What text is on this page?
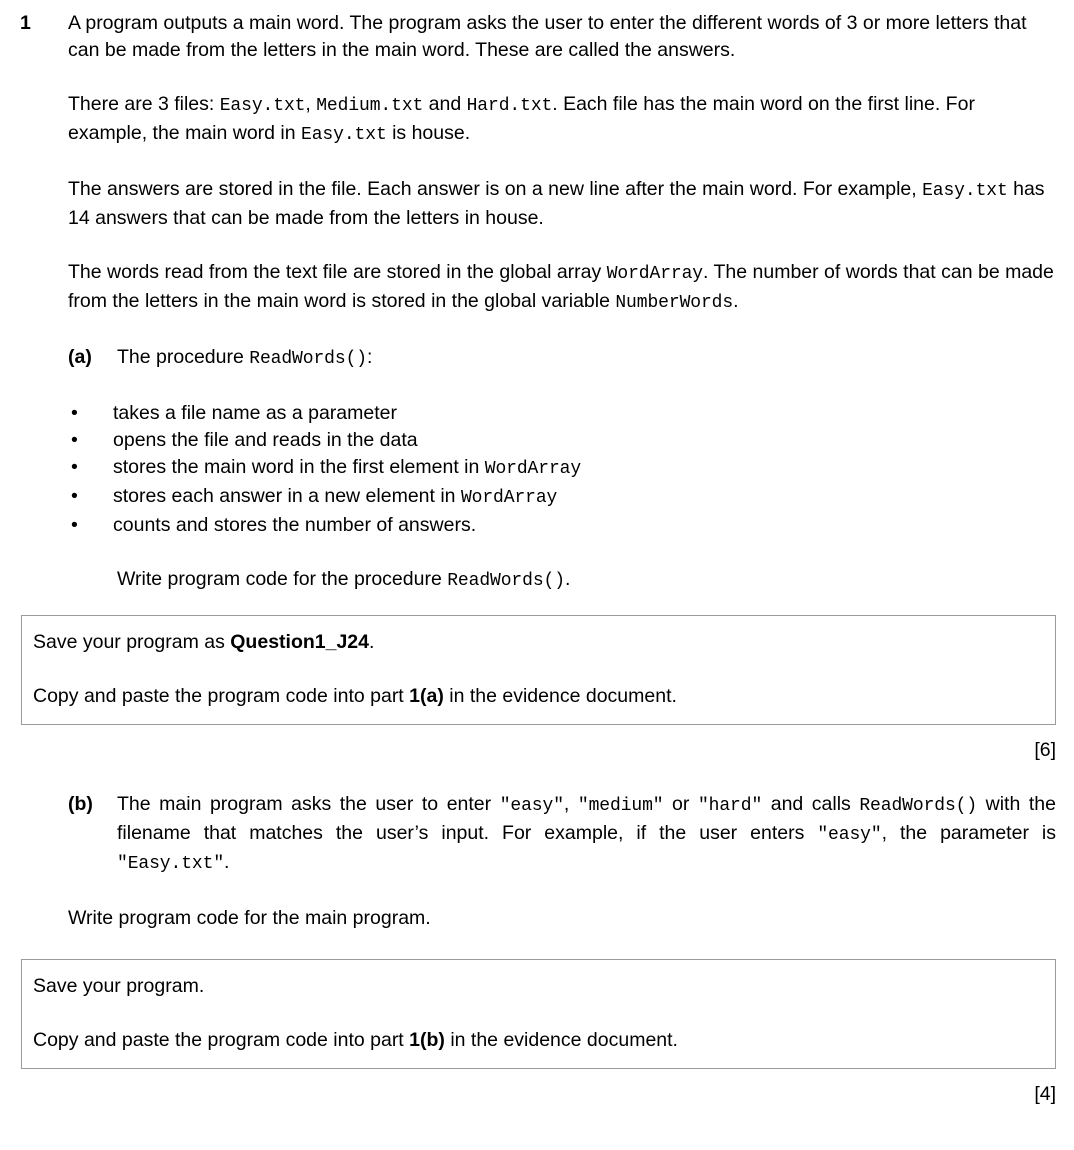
1	A program outputs a main word. The program asks the user to enter the different words of 3 or more letters that can be made from the letters in the main word. These are called the answers.

There are 3 files: Easy.txt, Medium.txt and Hard.txt. Each file has the main word on the first line. For example, the main word in Easy.txt is house.

The answers are stored in the file. Each answer is on a new line after the main word. For example, Easy.txt has 14 answers that can be made from the letters in house.

The words read from the text file are stored in the global array WordArray. The number of words that can be made from the letters in the main word is stored in the global variable NumberWords.

(a)	The procedure ReadWords():
•	takes a file name as a parameter
•	opens the file and reads in the data
•	stores the main word in the first element in WordArray
•	stores each answer in a new element in WordArray
•	counts and stores the number of answers.
Write program code for the procedure ReadWords().
Save your program as Question1_J24.
Copy and paste the program code into part 1(a) in the evidence document.
[6]
(b)	The main program asks the user to enter "easy", "medium" or "hard" and calls ReadWords() with the filename that matches the user’s input. For example, if the user enters "easy", the parameter is "Easy.txt".
Write program code for the main program.
Save your program.
Copy and paste the program code into part 1(b) in the evidence document.
[4]
